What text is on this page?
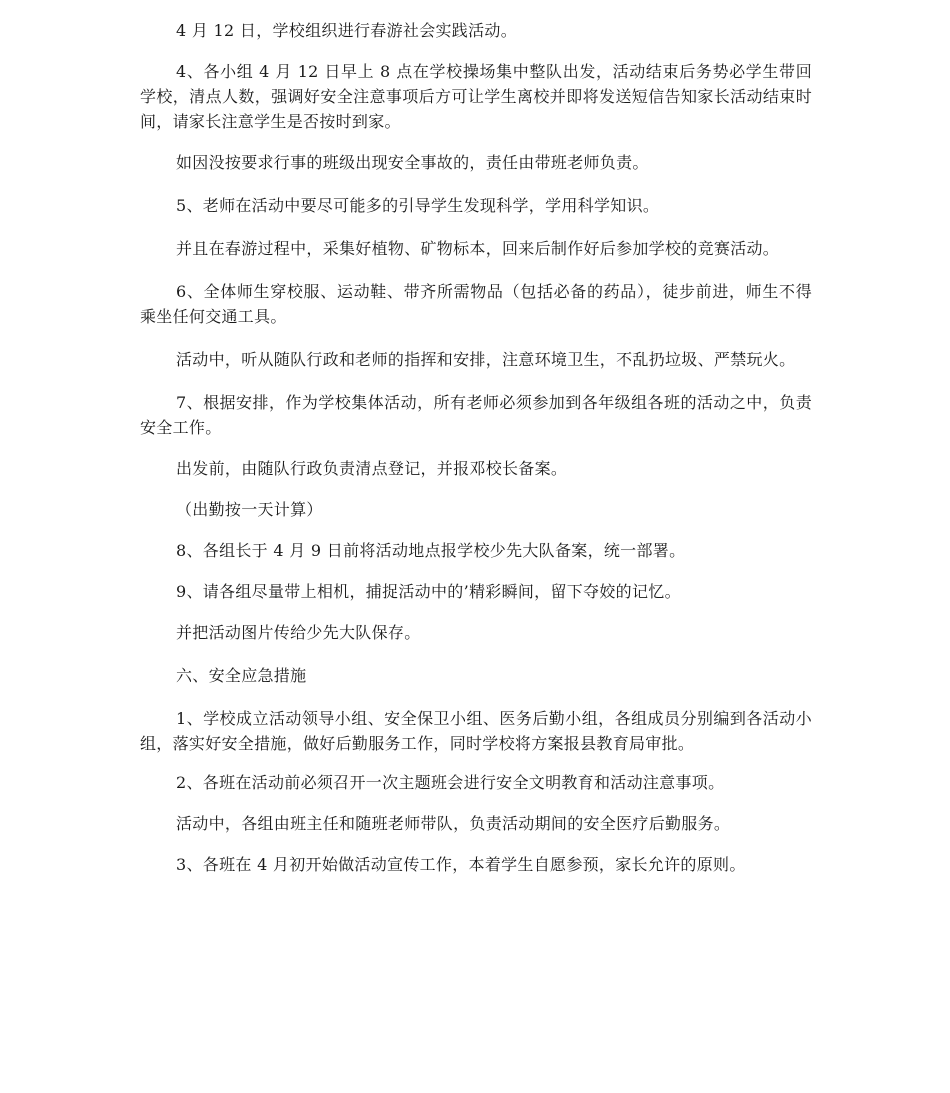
4 月 12 日，学校组织进行春游社会实践活动。

4、各小组 4 月 12 日早上 8 点在学校操场集中整队出发，活动结束后务势必学生带回学校，清点人数，强调好安全注意事项后方可让学生离校并即将发送短信告知家长活动结束时间，请家长注意学生是否按时到家。

如因没按要求行事的班级出现安全事故的，责任由带班老师负责。

5、老师在活动中要尽可能多的引导学生发现科学，学用科学知识。

并且在春游过程中，采集好植物、矿物标本，回来后制作好后参加学校的竞赛活动。

6、全体师生穿校服、运动鞋、带齐所需物品（包括必备的药品），徒步前进，师生不得乘坐任何交通工具。

活动中，听从随队行政和老师的指挥和安排，注意环境卫生，不乱扔垃圾、严禁玩火。

7、根据安排，作为学校集体活动，所有老师必须参加到各年级组各班的活动之中，负责安全工作。

出发前，由随队行政负责清点登记，并报邓校长备案。

（出勤按一天计算）

8、各组长于 4 月 9 日前将活动地点报学校少先大队备案，统一部署。

9、请各组尽量带上相机，捕捉活动中的’精彩瞬间，留下夺姣的记忆。

并把活动图片传给少先大队保存。

六、安全应急措施

1、学校成立活动领导小组、安全保卫小组、医务后勤小组，各组成员分别编到各活动小组，落实好安全措施，做好后勤服务工作，同时学校将方案报县教育局审批。

2、各班在活动前必须召开一次主题班会进行安全文明教育和活动注意事项。

活动中，各组由班主任和随班老师带队，负责活动期间的安全医疗后勤服务。

3、各班在 4 月初开始做活动宣传工作，本着学生自愿参预，家长允许的原则。
